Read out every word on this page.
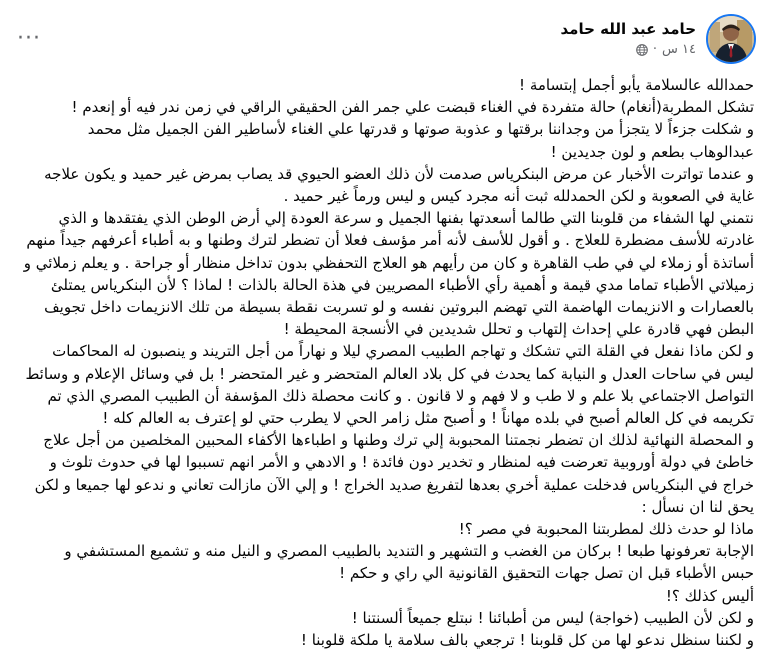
···	حامد عبد الله حامد
١٤ س
·

حمدالله عالسلامة يأبو أجمل إبتسامة !

تشكل المطربة(أنغام) حالة متفردة في الغناء قبضت علي جمر الفن الحقيقي الراقي في زمن ندر فيه أو إنعدم !

و شكلت جزءاً لا يتجزأ من وجداننا برقتها و عذوبة صوتها و قدرتها علي الغناء لأساطير الفن الجميل مثل محمد

عبدالوهاب بطعم و لون جديدين !

و عندما تواترت الأخبار عن مرض البنكرياس صدمت لأن ذلك العضو الحيوي قد يصاب بمرض غير حميد و يكون علاجه

غاية في الصعوبة و لكن الحمدلله ثبت أنه مجرد كيس و ليس ورماً غير حميد .

نتمني لها الشفاء من قلوبنا التي طالما أسعدتها بفنها الجميل و سرعة العودة إلي أرض الوطن الذي يفتقدها و الذي

غادرته للأسف مضطرة للعلاج . و أقول للأسف لأنه أمر مؤسف فعلا أن تضطر لترك وطنها و به أطباء أعرفهم جيداً منهم

أساتذة أو زملاء لي في طب القاهرة و كان من رأيهم هو العلاج التحفظي بدون تداخل منظار أو جراحة . و يعلم زملائي و

زميلاتي الأطباء تماما مدي قيمة و أهمية رأي الأطباء المصريين في هذة الحالة بالذات ! لماذا ؟ لأن البنكرياس يمتلئ

بالعصارات و الانزيمات الهاضمة التي تهضم البروتين نفسه و لو تسربت نقطة بسيطة من تلك الانزيمات داخل تجويف

البطن فهي قادرة علي إحداث إلتهاب و تحلل شديدين في الأنسجة المحيطة !

و لكن ماذا نفعل في القلة التي تشكك و تهاجم الطبيب المصري ليلا و نهاراً من أجل التريند و ينصبون له المحاكمات

ليس في ساحات العدل و النيابة كما يحدث في كل بلاد العالم المتحضر و غير المتحضر ! بل في وسائل الإعلام و وسائط

التواصل الاجتماعي بلا علم و لا طب و لا فهم و لا قانون . و كانت محصلة ذلك المؤسفة أن الطبيب المصري الذي تم

تكريمه في كل العالم أصبح في بلده مهاناً ! و أصبح مثل زامر الحي لا يطرب حتي لو إعترف به العالم كله !

و المحصلة النهائية لذلك ان تضطر نجمتنا المحبوبة إلي ترك وطنها و اطباءها الأكفاء المحبين المخلصين من أجل علاج

خاطئ في دولة أوروبية تعرضت فيه لمنظار و تخدير دون فائدة ! و الادهي و الأمر انهم تسببوا لها في حدوث تلوث و

خراج في البنكرياس فدخلت عملية أخري بعدها لتفريغ صديد الخراج ! و إلي الآن مازالت تعاني و ندعو لها جميعا و لكن

يحق لنا ان نسأل :

ماذا لو حدث ذلك لمطربتنا المحبوبة في مصر ؟!

الإجابة تعرفونها طبعا ! بركان من الغضب و التشهير و التنديد بالطبيب المصري و النيل منه و تشميع المستشفي و

حبس الأطباء قبل ان تصل جهات التحقيق القانونية الي راي و حكم !

أليس كذلك ؟!

و لكن لأن الطبيب (خواجة) ليس من أطبائنا ! نبتلع جميعاً ألسنتنا !

و لكننا سنظل ندعو لها من كل قلوبنا ! ترجعي بالف سلامة يا ملكة قلوبنا !
